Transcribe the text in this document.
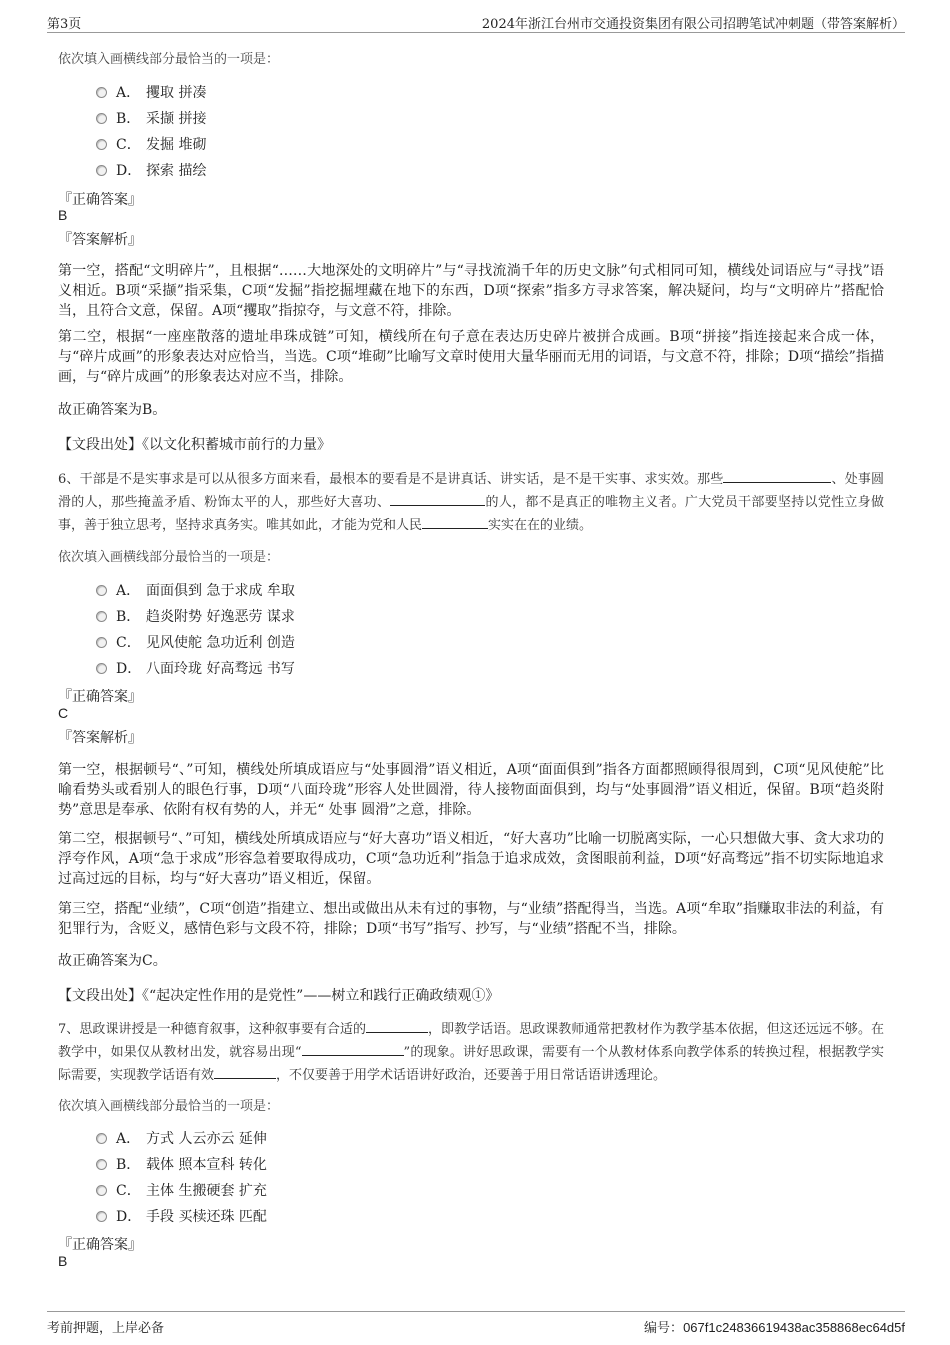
第3页	2024年浙江台州市交通投资集团有限公司招聘笔试冲刺题（带答案解析）
依次填入画横线部分最恰当的一项是：
A． 攫取 拼凑
B． 采撷 拼接
C． 发掘 堆砌
D． 探索 描绘
『正确答案』
B
『答案解析』
第一空，搭配“文明碎片”，且根据“……大地深处的文明碎片”与“寻找流淌千年的历史文脉”句式相同可知，横线处词语应与“寻找”语义相近。B项“采撷”指采集，C项“发掘”指挖掘埋藏在地下的东西，D项“探索”指多方寻求答案，解决疑问，均与“文明碎片”搭配恰当，且符合文意，保留。A项“攫取”指掠夺，与文意不符，排除。
第二空，根据“一座座散落的遗址串珠成链”可知，横线所在句子意在表达历史碎片被拼合成画。B项“拼接”指连接起来合成一体，与“碎片成画”的形象表达对应恰当，当选。C项“堆砌”比喻写文章时使用大量华丽而无用的词语，与文意不符，排除；D项“描绘”指描画，与“碎片成画”的形象表达对应不当，排除。
故正确答案为B。
【文段出处】《以文化积蓄城市前行的力量》
6、干部是不是实事求是可以从很多方面来看，最根本的要看是不是讲真话、讲实话，是不是干实事、求实效。那些	、处事圆滑的人，那些掩盖矛盾、粉饰太平的人，那些好大喜功、	的人，都不是真正的唯物主义者。广大党员干部要坚持以党性立身做事，善于独立思考，坚持求真务实。唯其如此，才能为党和人民	实实在在的业绩。
依次填入画横线部分最恰当的一项是：
A． 面面俱到 急于求成 牟取
B． 趋炎附势 好逸恶劳 谋求
C． 见风使舵 急功近利 创造
D． 八面玲珑 好高骛远 书写
『正确答案』
C
『答案解析』
第一空，根据顿号“、”可知，横线处所填成语应与“处事圆滑”语义相近，A项“面面俱到”指各方面都照顾得很周到，C项“见风使舵”比喻看势头或看别人的眼色行事，D项“八面玲珑”形容人处世圆滑，待人接物面面俱到，均与“处事圆滑”语义相近，保留。B项“趋炎附势”意思是奉承、依附有权有势的人，并无“ 处事 圆滑”之意，排除。
第二空，根据顿号“、”可知，横线处所填成语应与“好大喜功”语义相近，“好大喜功”比喻一切脱离实际，一心只想做大事、贪大求功的浮夸作风，A项“急于求成”形容急着要取得成功，C项“急功近利”指急于追求成效，贪图眼前利益，D项“好高骛远”指不切实际地追求过高过远的目标，均与“好大喜功”语义相近，保留。
第三空，搭配“业绩”，C项“创造”指建立、想出或做出从未有过的事物，与“业绩”搭配得当，当选。A项“牟取”指赚取非法的利益，有犯罪行为，含贬义，感情色彩与文段不符，排除；D项“书写”指写、抄写，与“业绩”搭配不当，排除。
故正确答案为C。
【文段出处】《“起决定性作用的是党性”——树立和践行正确政绩观①》
7、思政课讲授是一种德育叙事，这种叙事要有合适的	，即教学话语。思政课教师通常把教材作为教学基本依据，但这还远远不够。在教学中，如果仅从教材出发，就容易出现“	”的现象。讲好思政课，需要有一个从教材体系向教学体系的转换过程，根据教学实际需要，实现教学话语有效	，不仅要善于用学术话语讲好政治，还要善于用日常话语讲透理论。
依次填入画横线部分最恰当的一项是：
A． 方式 人云亦云 延伸
B． 载体 照本宣科 转化
C． 主体 生搬硬套 扩充
D． 手段 买椟还珠 匹配
『正确答案』
B
考前押题，上岸必备	编号：067f1c24836619438ac358868ec64d5f
